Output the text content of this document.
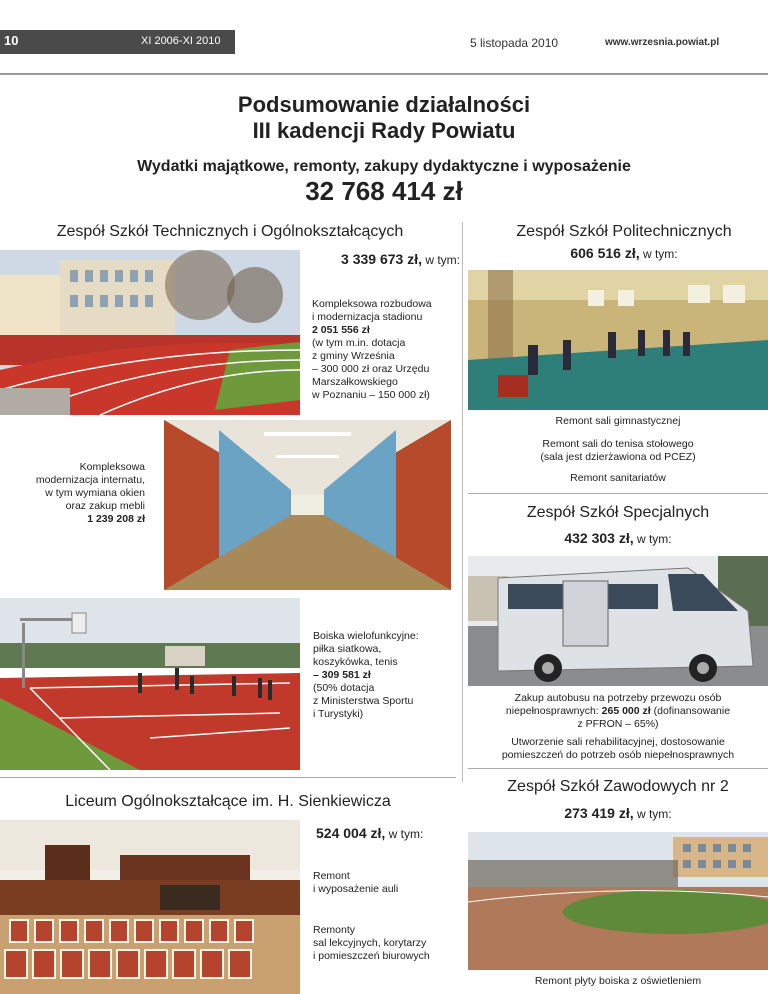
10	XI 2006-XI 2010	5 listopada 2010	www.wrzesnia.powiat.pl
Podsumowanie działalności
III kadencji Rady Powiatu
Wydatki majątkowe, remonty, zakupy dydaktyczne i wyposażenie
32 768 414 zł
Zespół Szkół Technicznych i Ogólnokształcących
3 339 673 zł, w tym:
Kompleksowa rozbudowa
i modernizacja stadionu
2 051 556 zł
(w tym m.in. dotacja
z gminy Września
– 300 000 zł oraz Urzędu
Marszałkowskiego
w Poznaniu – 150 000 zł)
Kompleksowa
modernizacja internatu,
w tym wymiana okien
oraz zakup mebli
1 239 208 zł
Boiska wielofunkcyjne:
piłka siatkowa,
koszykówka, tenis
– 309 581 zł
(50% dotacja
z Ministerstwa Sportu
i Turystyki)
Zespół Szkół Politechnicznych
606 516 zł, w tym:
Remont sali gimnastycznej
Remont sali do tenisa stołowego
(sala jest dzierżawiona od PCEZ)
Remont sanitariatów
Zespół Szkół Specjalnych
432 303 zł, w tym:
Zakup autobusu na potrzeby przewozu osób
niepełnosprawnych: 265 000 zł (dofinansowanie
z PFRON – 65%)
Utworzenie sali rehabilitacyjnej, dostosowanie
pomieszczeń do potrzeb osób niepełnosprawnych
Zespół Szkół Zawodowych nr 2
273 419 zł, w tym:
Remont płyty boiska z oświetleniem
Liceum Ogólnokształcące im. H. Sienkiewicza
524 004 zł, w tym:
Remont
i wyposażenie auli
Remonty
sal lekcyjnych, korytarzy
i pomieszczeń biurowych
